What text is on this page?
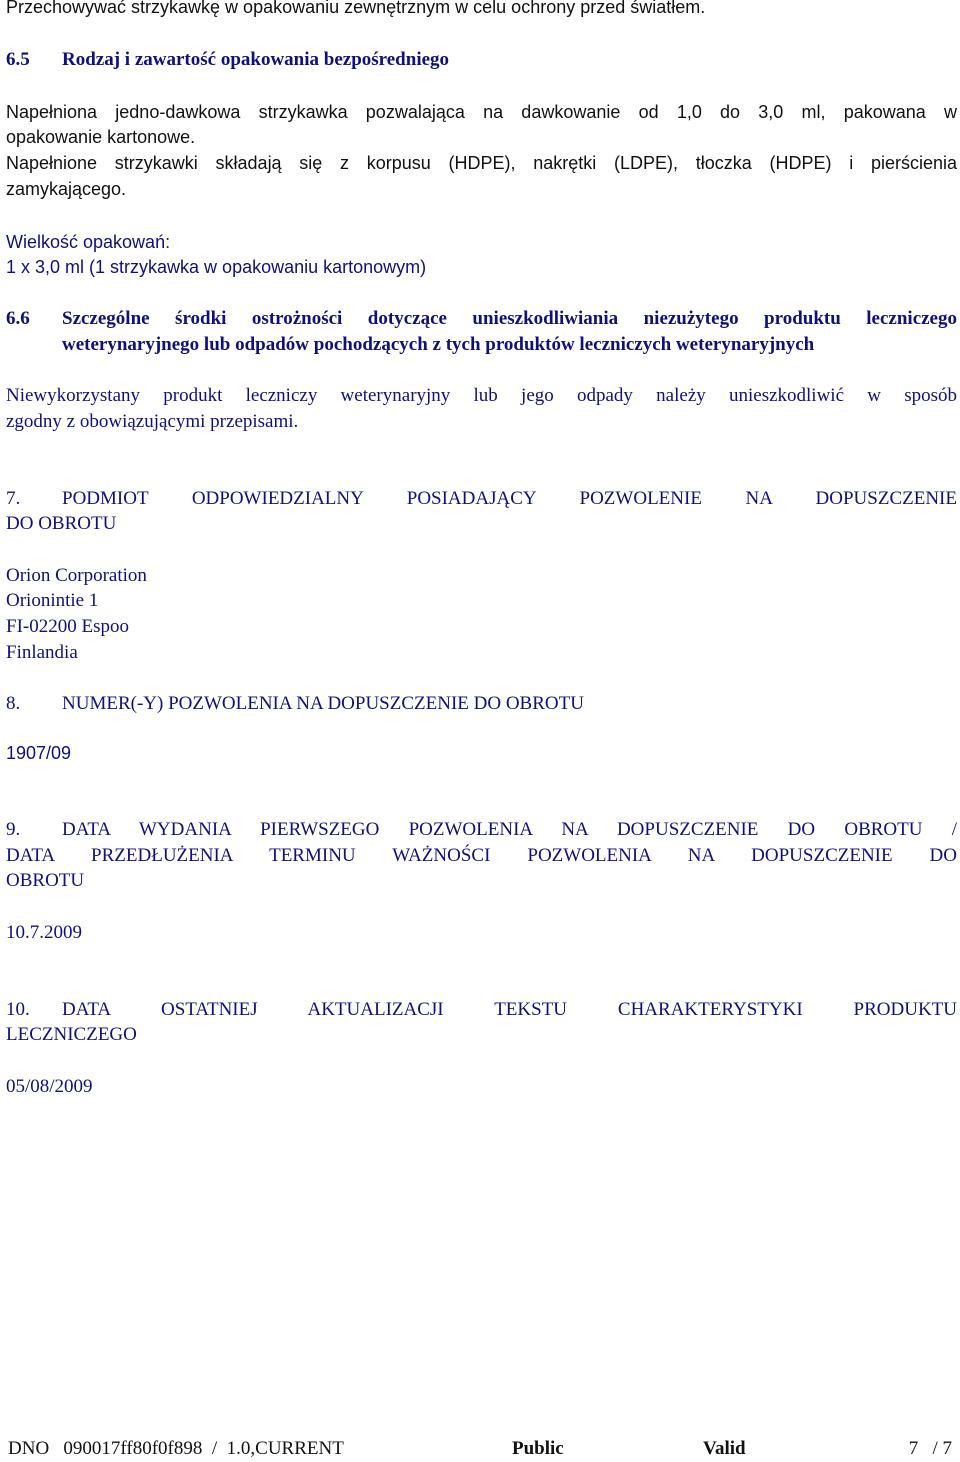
Przechowywać strzykawkę w opakowaniu zewnętrznym w celu ochrony przed światłem.
6.5 Rodzaj i zawartość opakowania bezpośredniego
Napełniona jedno-dawkowa strzykawka pozwalająca na dawkowanie od 1,0 do 3,0 ml, pakowana w
opakowanie kartonowe.
Napełnione strzykawki składają się z korpusu (HDPE), nakrętki (LDPE), tłoczka (HDPE) i pierścienia
zamykającego.
Wielkość opakowań:
1 x 3,0 ml (1 strzykawka w opakowaniu kartonowym)
6.6 Szczególne środki ostrożności dotyczące unieszkodliwiania niezużytego produktu leczniczego
weterynaryjnego lub odpadów pochodzących z tych produktów leczniczych weterynaryjnych
Niewykorzystany produkt leczniczy weterynaryjny lub jego odpady należy unieszkodliwić w sposób
zgodny z obowiązującymi przepisami.
7. PODMIOT ODPOWIEDZIALNY POSIADAJĄCY POZWOLENIE NA DOPUSZCZENIE
DO OBROTU
Orion Corporation
Orionintie 1
FI-02200 Espoo
Finlandia
8. NUMER(-Y) POZWOLENIA NA DOPUSZCZENIE DO OBROTU
1907/09
9. DATA WYDANIA PIERWSZEGO POZWOLENIA NA DOPUSZCZENIE DO OBROTU /
DATA PRZEDŁUŻENIA TERMINU WAŻNOŚCI POZWOLENIA NA DOPUSZCZENIE DO
OBROTU
10.7.2009
10. DATA OSTATNIEJ AKTUALIZACJI TEKSTU CHARAKTERYSTYKI PRODUKTU
LECZNICZEGO
05/08/2009
DNO   090017ff80f0f898  /  1.0,CURRENT	Public	Valid	7   / 7
